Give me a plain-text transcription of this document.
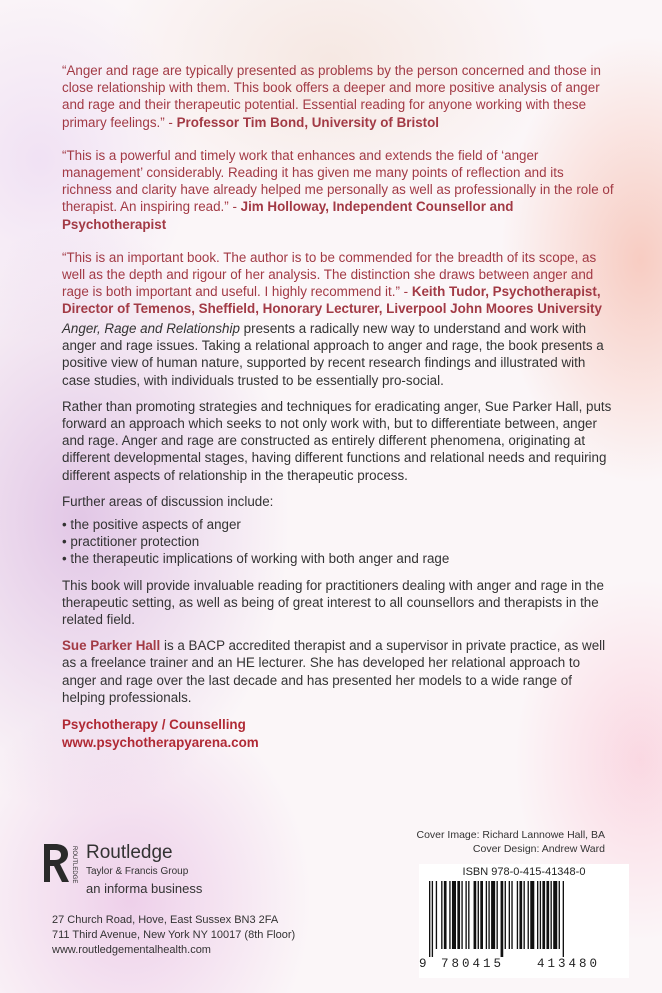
“Anger and rage are typically presented as problems by the person concerned and those in close relationship with them. This book offers a deeper and more positive analysis of anger and rage and their therapeutic potential. Essential reading for anyone working with these primary feelings.” - Professor Tim Bond, University of Bristol

“This is a powerful and timely work that enhances and extends the field of ‘anger management’ considerably. Reading it has given me many points of reflection and its richness and clarity have already helped me personally as well as professionally in the role of therapist. An inspiring read.” - Jim Holloway, Independent Counsellor and Psychotherapist

“This is an important book. The author is to be commended for the breadth of its scope, as well as the depth and rigour of her analysis. The distinction she draws between anger and rage is both important and useful. I highly recommend it.” - Keith Tudor, Psychotherapist, Director of Temenos, Sheffield, Honorary Lecturer, Liverpool John Moores University

Anger, Rage and Relationship presents a radically new way to understand and work with anger and rage issues. Taking a relational approach to anger and rage, the book presents a positive view of human nature, supported by recent research findings and illustrated with case studies, with individuals trusted to be essentially pro-social.

Rather than promoting strategies and techniques for eradicating anger, Sue Parker Hall, puts forward an approach which seeks to not only work with, but to differentiate between, anger and rage. Anger and rage are constructed as entirely different phenomena, originating at different developmental stages, having different functions and relational needs and requiring different aspects of relationship in the therapeutic process.

Further areas of discussion include:

• the positive aspects of anger
• practitioner protection
• the therapeutic implications of working with both anger and rage

This book will provide invaluable reading for practitioners dealing with anger and rage in the therapeutic setting, as well as being of great interest to all counsellors and therapists in the related field.

Sue Parker Hall is a BACP accredited therapist and a supervisor in private practice, as well as a freelance trainer and an HE lecturer. She has developed her relational approach to anger and rage over the last decade and has presented her models to a wide range of helping professionals.

Psychotherapy / Counselling
www.psychotherapyarena.com
Cover Image: Richard Lannowe Hall, BA
Cover Design: Andrew Ward
ROUTLEDGE Routledge
Taylor & Francis Group
an informa business
27 Church Road, Hove, East Sussex BN3 2FA
711 Third Avenue, New York NY 10017 (8th Floor)
www.routledgementalhealth.com
ISBN 978-0-415-41348-0
9 780415	413480
